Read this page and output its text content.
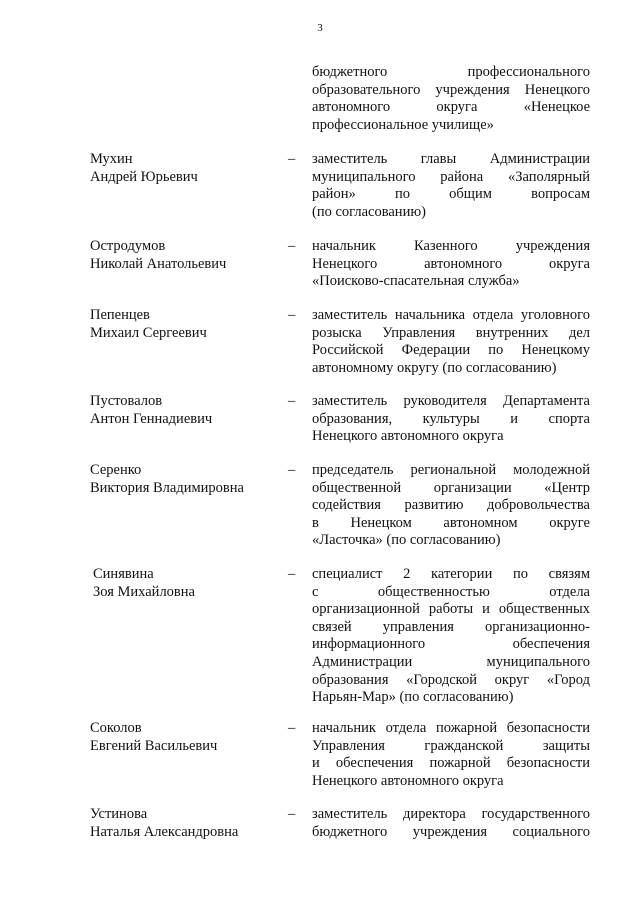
3
бюджетного профессионального
образовательного учреждения Ненецкого
автономного округа «Ненецкое
профессиональное училище»
Мухин
Андрей Юрьевич
– заместитель главы Администрации
муниципального района «Заполярный
район» по общим вопросам
(по согласованию)
Остродумов
Николай Анатольевич
– начальник Казенного учреждения
Ненецкого автономного округа
«Поисково-спасательная служба»
Пепенцев
Михаил Сергеевич
– заместитель начальника отдела уголовного
розыска Управления внутренних дел
Российской Федерации по Ненецкому
автономному округу (по согласованию)
Пустовалов
Антон Геннадиевич
– заместитель руководителя Департамента
образования, культуры и спорта
Ненецкого автономного округа
Серенко
Виктория Владимировна
– председатель региональной молодежной
общественной организации «Центр
содействия развитию добровольчества
в Ненецком автономном округе
«Ласточка» (по согласованию)
Синявина
Зоя Михайловна
– специалист 2 категории по связям
с общественностью отдела
организационной работы и общественных
связей управления организационно-
информационного обеспечения
Администрации муниципального
образования «Городской округ «Город
Нарьян-Мар» (по согласованию)
Соколов
Евгений Васильевич
– начальник отдела пожарной безопасности
Управления гражданской защиты
и обеспечения пожарной безопасности
Ненецкого автономного округа
Устинова
Наталья Александровна
– заместитель директора государственного
бюджетного учреждения социального
